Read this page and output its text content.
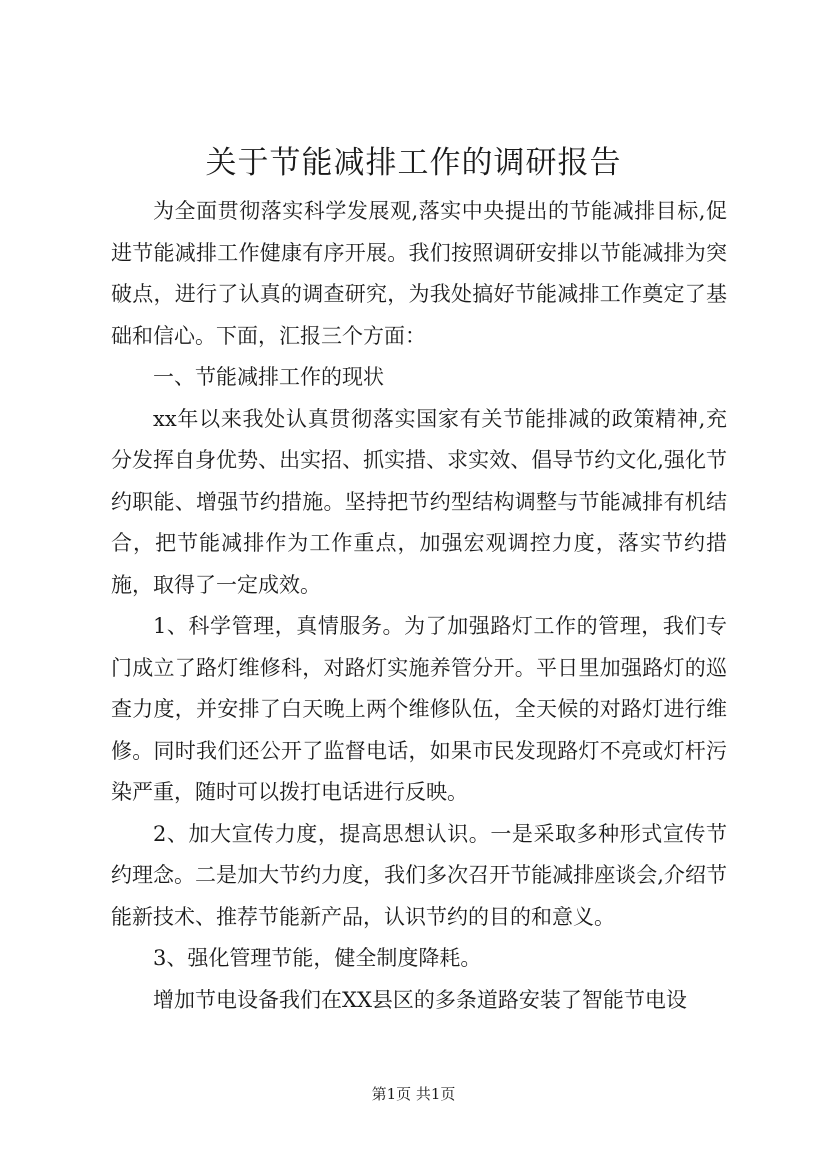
关于节能减排工作的调研报告

为全面贯彻落实科学发展观,落实中央提出的节能减排目标,促进节能减排工作健康有序开展。我们按照调研安排以节能减排为突破点，进行了认真的调查研究，为我处搞好节能减排工作奠定了基础和信心。下面，汇报三个方面：

一、节能减排工作的现状

xx年以来我处认真贯彻落实国家有关节能排减的政策精神,充分发挥自身优势、出实招、抓实措、求实效、倡导节约文化,强化节约职能、增强节约措施。坚持把节约型结构调整与节能减排有机结合，把节能减排作为工作重点，加强宏观调控力度，落实节约措施，取得了一定成效。

1、科学管理，真情服务。为了加强路灯工作的管理，我们专门成立了路灯维修科，对路灯实施养管分开。平日里加强路灯的巡查力度，并安排了白天晚上两个维修队伍，全天候的对路灯进行维修。同时我们还公开了监督电话，如果市民发现路灯不亮或灯杆污染严重，随时可以拨打电话进行反映。

2、加大宣传力度，提高思想认识。一是采取多种形式宣传节约理念。二是加大节约力度，我们多次召开节能减排座谈会,介绍节能新技术、推荐节能新产品，认识节约的目的和意义。

3、强化管理节能，健全制度降耗。

增加节电设备我们在XX县区的多条道路安装了智能节电设

第1页 共1页
